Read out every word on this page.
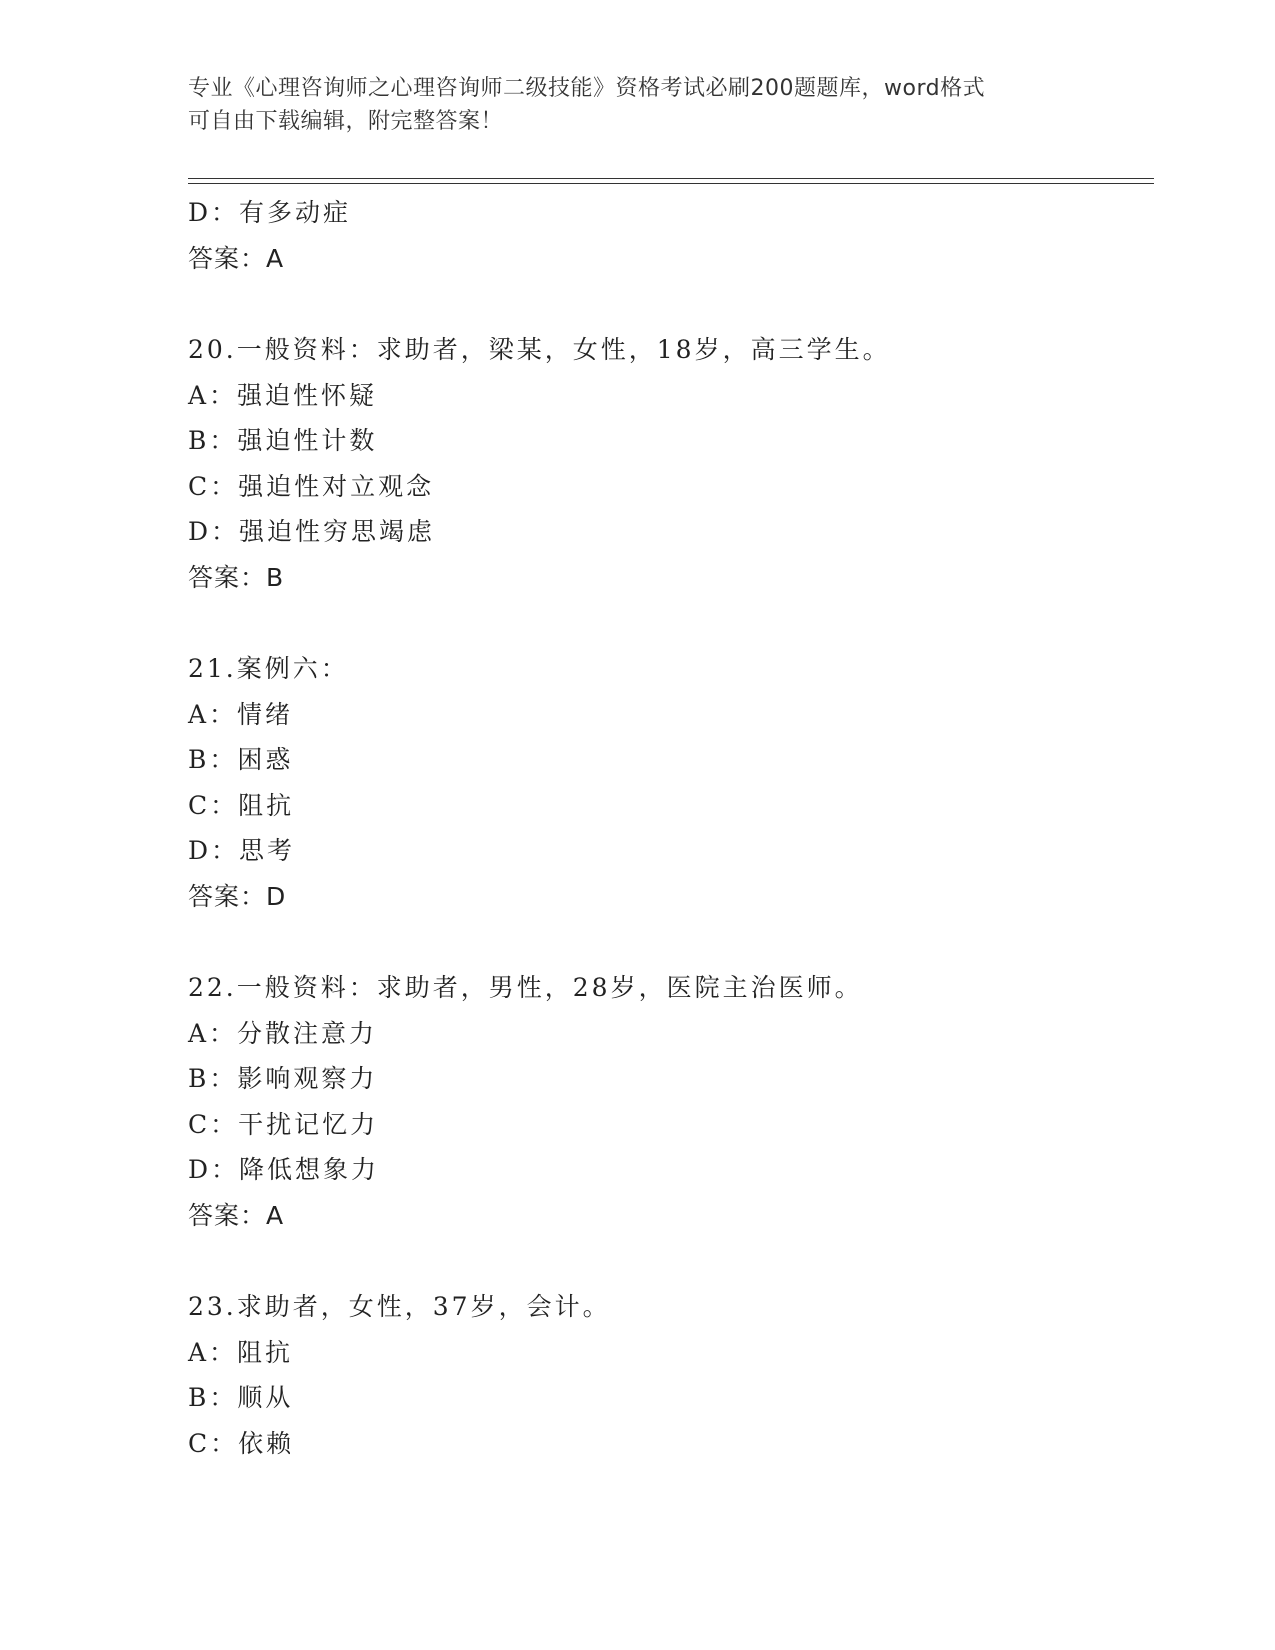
专业《心理咨询师之心理咨询师二级技能》资格考试必刷200题题库，word格式
可自由下载编辑，附完整答案！
D：有多动症
答案：A
20.一般资料：求助者，梁某，女性，18岁，高三学生。
A：强迫性怀疑
B：强迫性计数
C：强迫性对立观念
D：强迫性穷思竭虑
答案：B
21.案例六：
A：情绪
B：困惑
C：阻抗
D：思考
答案：D
22.一般资料：求助者，男性，28岁，医院主治医师。
A：分散注意力
B：影响观察力
C：干扰记忆力
D：降低想象力
答案：A
23.求助者，女性，37岁，会计。
A：阻抗
B：顺从
C：依赖
